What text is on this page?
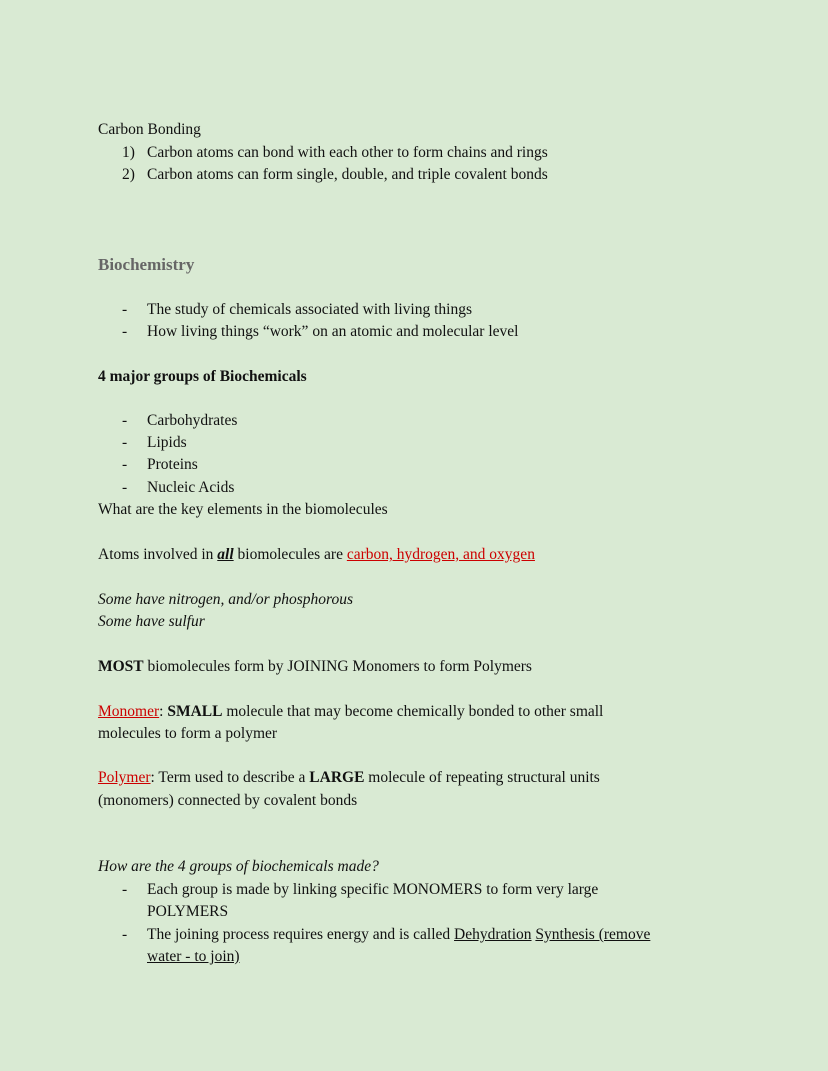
Carbon Bonding
1) Carbon atoms can bond with each other to form chains and rings
2) Carbon atoms can form single, double, and triple covalent bonds
Biochemistry
-	The study of chemicals associated with living things
-	How living things “work” on an atomic and molecular level
4 major groups of Biochemicals
-	Carbohydrates
-	Lipids
-	Proteins
-	Nucleic Acids
What are the key elements in the biomolecules
Atoms involved in all biomolecules are carbon, hydrogen, and oxygen
Some have nitrogen, and/or phosphorous
Some have sulfur
MOST biomolecules form by JOINING Monomers to form Polymers
Monomer: SMALL molecule that may become chemically bonded to other small
molecules to form a polymer
Polymer: Term used to describe a LARGE molecule of repeating structural units
(monomers) connected by covalent bonds
How are the 4 groups of biochemicals made?
-	Each group is made by linking specific MONOMERS to form very large
POLYMERS
-	The joining process requires energy and is called Dehydration Synthesis (remove
water - to join)
